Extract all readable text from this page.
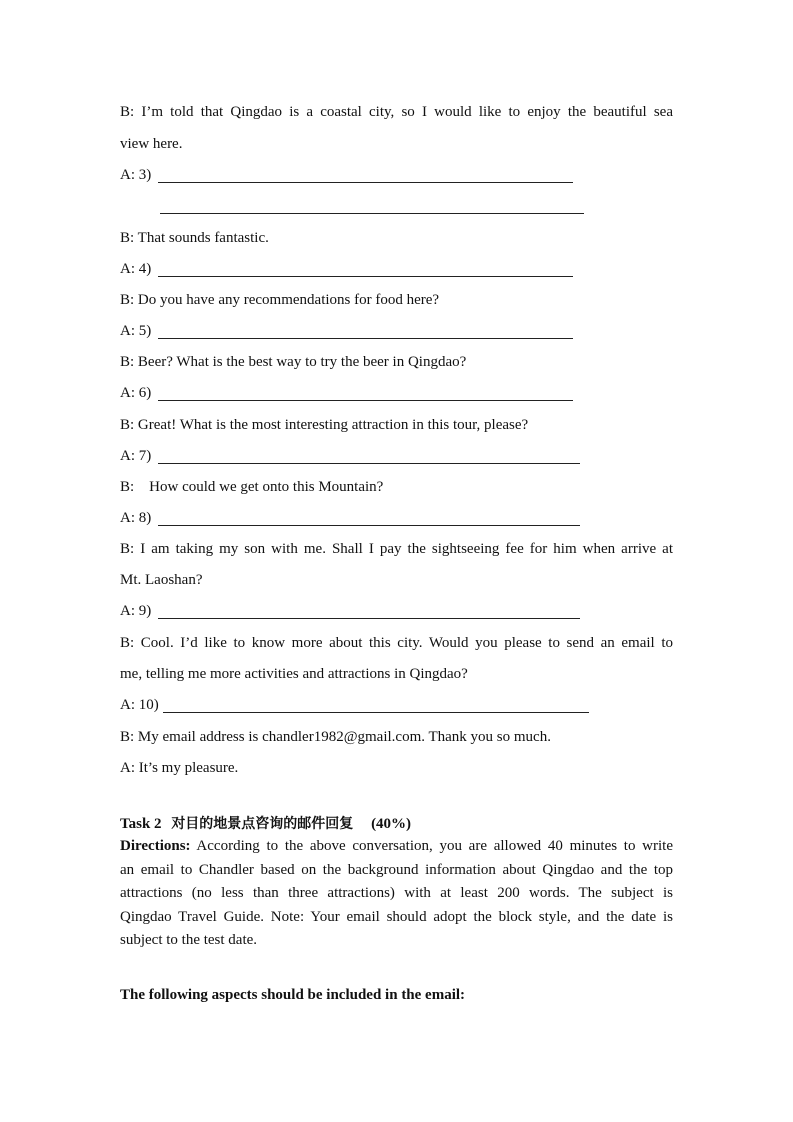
B: I’m told that Qingdao is a coastal city, so I would like to enjoy the beautiful sea
view here.
A: 3)
B: That sounds fantastic.
A: 4)
B: Do you have any recommendations for food here?
A: 5)
B: Beer? What is the best way to try the beer in Qingdao?
A: 6)
B: Great! What is the most interesting attraction in this tour, please?
A: 7)
B:    How could we get onto this Mountain?
A: 8)
B: I am taking my son with me. Shall I pay the sightseeing fee for him when arrive at
Mt. Laoshan?
A: 9)
B: Cool. I’d like to know more about this city. Would you please to send an email to
me, telling me more activities and attractions in Qingdao?
A: 10)
B: My email address is chandler1982@gmail.com. Thank you so much.
A: It’s my pleasure.
Task 2 对目的地景点咨询的邮件回复 (40%)
Directions: According to the above conversation, you are allowed 40 minutes to write
an email to Chandler based on the background information about Qingdao and the top
attractions (no less than three attractions) with at least 200 words. The subject is
Qingdao Travel Guide. Note: Your email should adopt the block style, and the date is
subject to the test date.
The following aspects should be included in the email:
